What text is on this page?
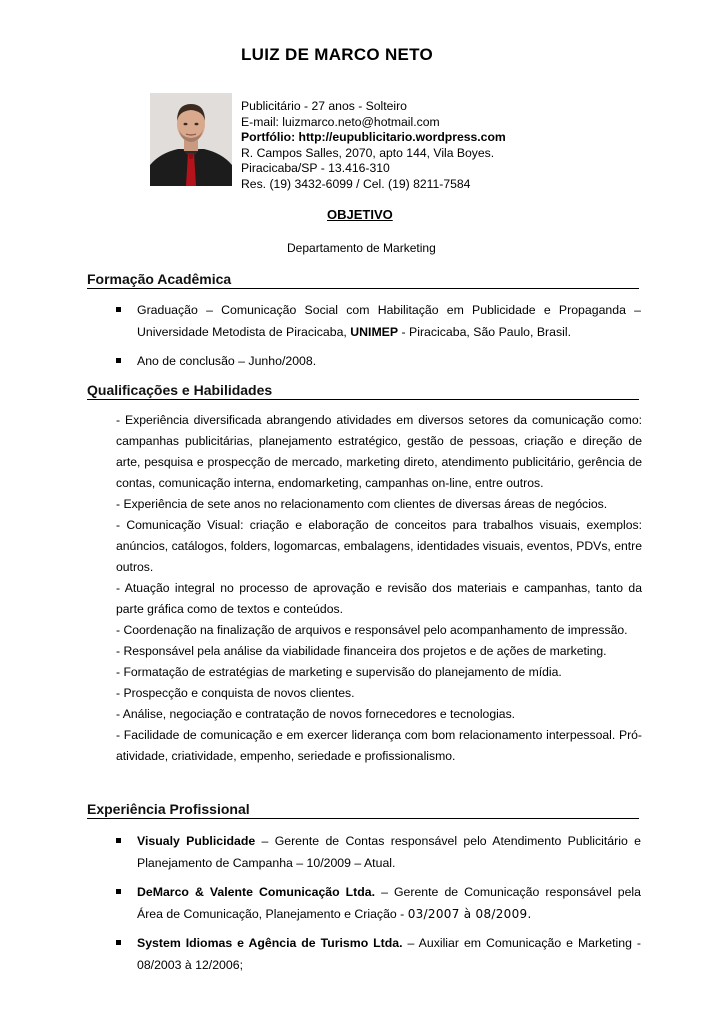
LUIZ DE MARCO NETO
Publicitário - 27 anos - Solteiro
E-mail: luizmarco.neto@hotmail.com
Portfólio: http://eupublicitario.wordpress.com
R. Campos Salles, 2070, apto 144, Vila Boyes.
Piracicaba/SP - 13.416-310
Res. (19) 3432-6099 / Cel. (19) 8211-7584
OBJETIVO
Departamento de Marketing
Formação Acadêmica
Graduação – Comunicação Social com Habilitação em Publicidade e Propaganda – Universidade Metodista de Piracicaba, UNIMEP - Piracicaba, São Paulo, Brasil.
Ano de conclusão – Junho/2008.
Qualificações e Habilidades
- Experiência diversificada abrangendo atividades em diversos setores da comunicação como: campanhas publicitárias, planejamento estratégico, gestão de pessoas, criação e direção de arte, pesquisa e prospecção de mercado, marketing direto, atendimento publicitário, gerência de contas, comunicação interna, endomarketing, campanhas on-line, entre outros.
- Experiência de sete anos no relacionamento com clientes de diversas áreas de negócios.
- Comunicação Visual: criação e elaboração de conceitos para trabalhos visuais, exemplos: anúncios, catálogos, folders, logomarcas, embalagens, identidades visuais, eventos, PDVs, entre outros.
- Atuação integral no processo de aprovação e revisão dos materiais e campanhas, tanto da parte gráfica como de textos e conteúdos.
- Coordenação na finalização de arquivos e responsável pelo acompanhamento de impressão.
- Responsável pela análise da viabilidade financeira dos projetos e de ações de marketing.
- Formatação de estratégias de marketing e supervisão do planejamento de mídia.
- Prospecção e conquista de novos clientes.
- Análise, negociação e contratação de novos fornecedores e tecnologias.
- Facilidade de comunicação e em exercer liderança com bom relacionamento interpessoal. Pró-atividade, criatividade, empenho, seriedade e profissionalismo.
Experiência Profissional
Visualy Publicidade – Gerente de Contas responsável pelo Atendimento Publicitário e Planejamento de Campanha – 10/2009 – Atual.
DeMarco & Valente Comunicação Ltda. – Gerente de Comunicação responsável pela Área de Comunicação, Planejamento e Criação - 03/2007 à 08/2009.
System Idiomas e Agência de Turismo Ltda. – Auxiliar em Comunicação e Marketing - 08/2003 à 12/2006;
